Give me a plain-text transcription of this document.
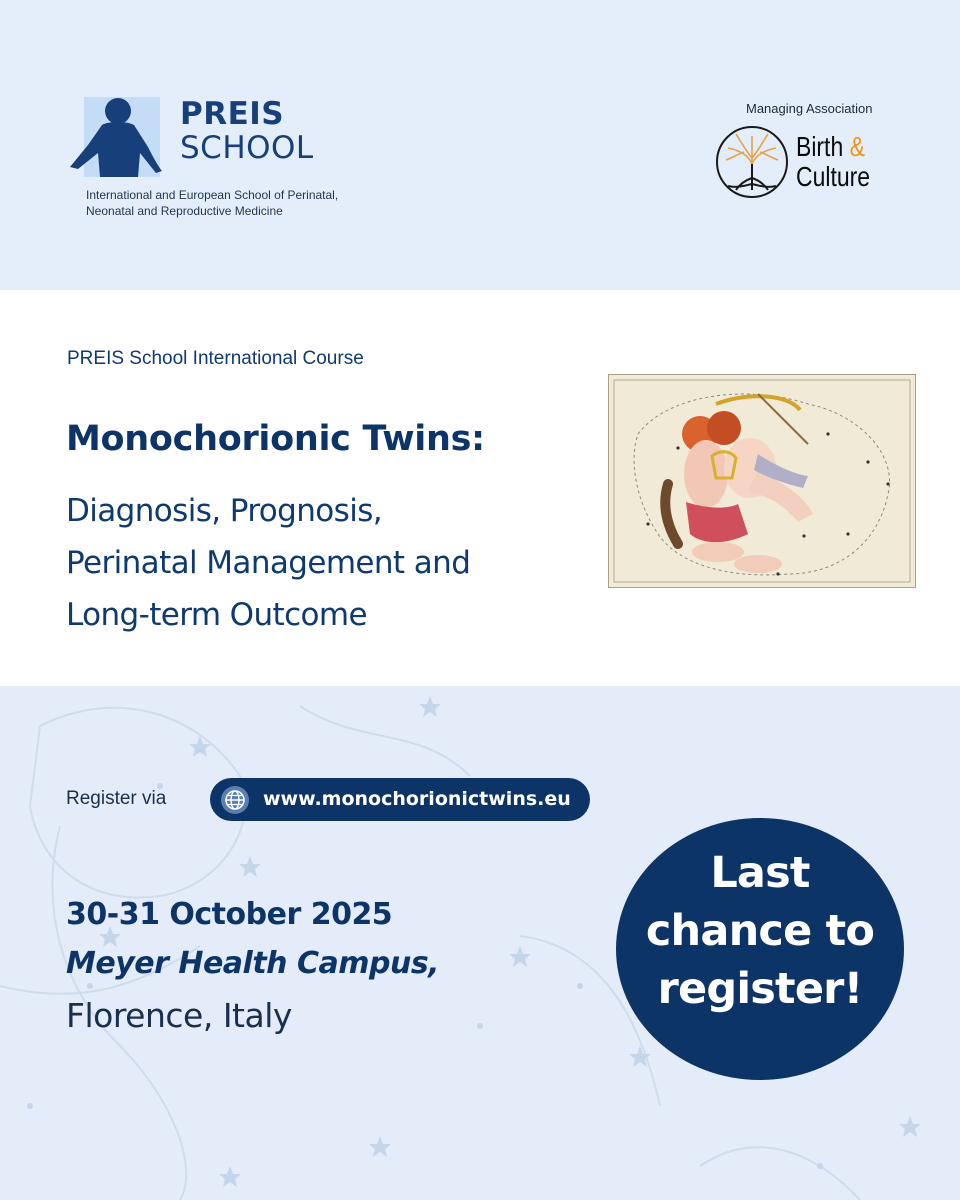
PREIS
SCHOOL
International and European School of Perinatal,
Neonatal and Reproductive Medicine
Managing Association
Birth &
Culture
PREIS School International Course
Monochorionic Twins:
Diagnosis, Prognosis,
Perinatal Management and
Long-term Outcome
Register via	www.monochorionictwins.eu
30-31 October 2025
Meyer Health Campus,
Florence, Italy
Last
chance to
register!
